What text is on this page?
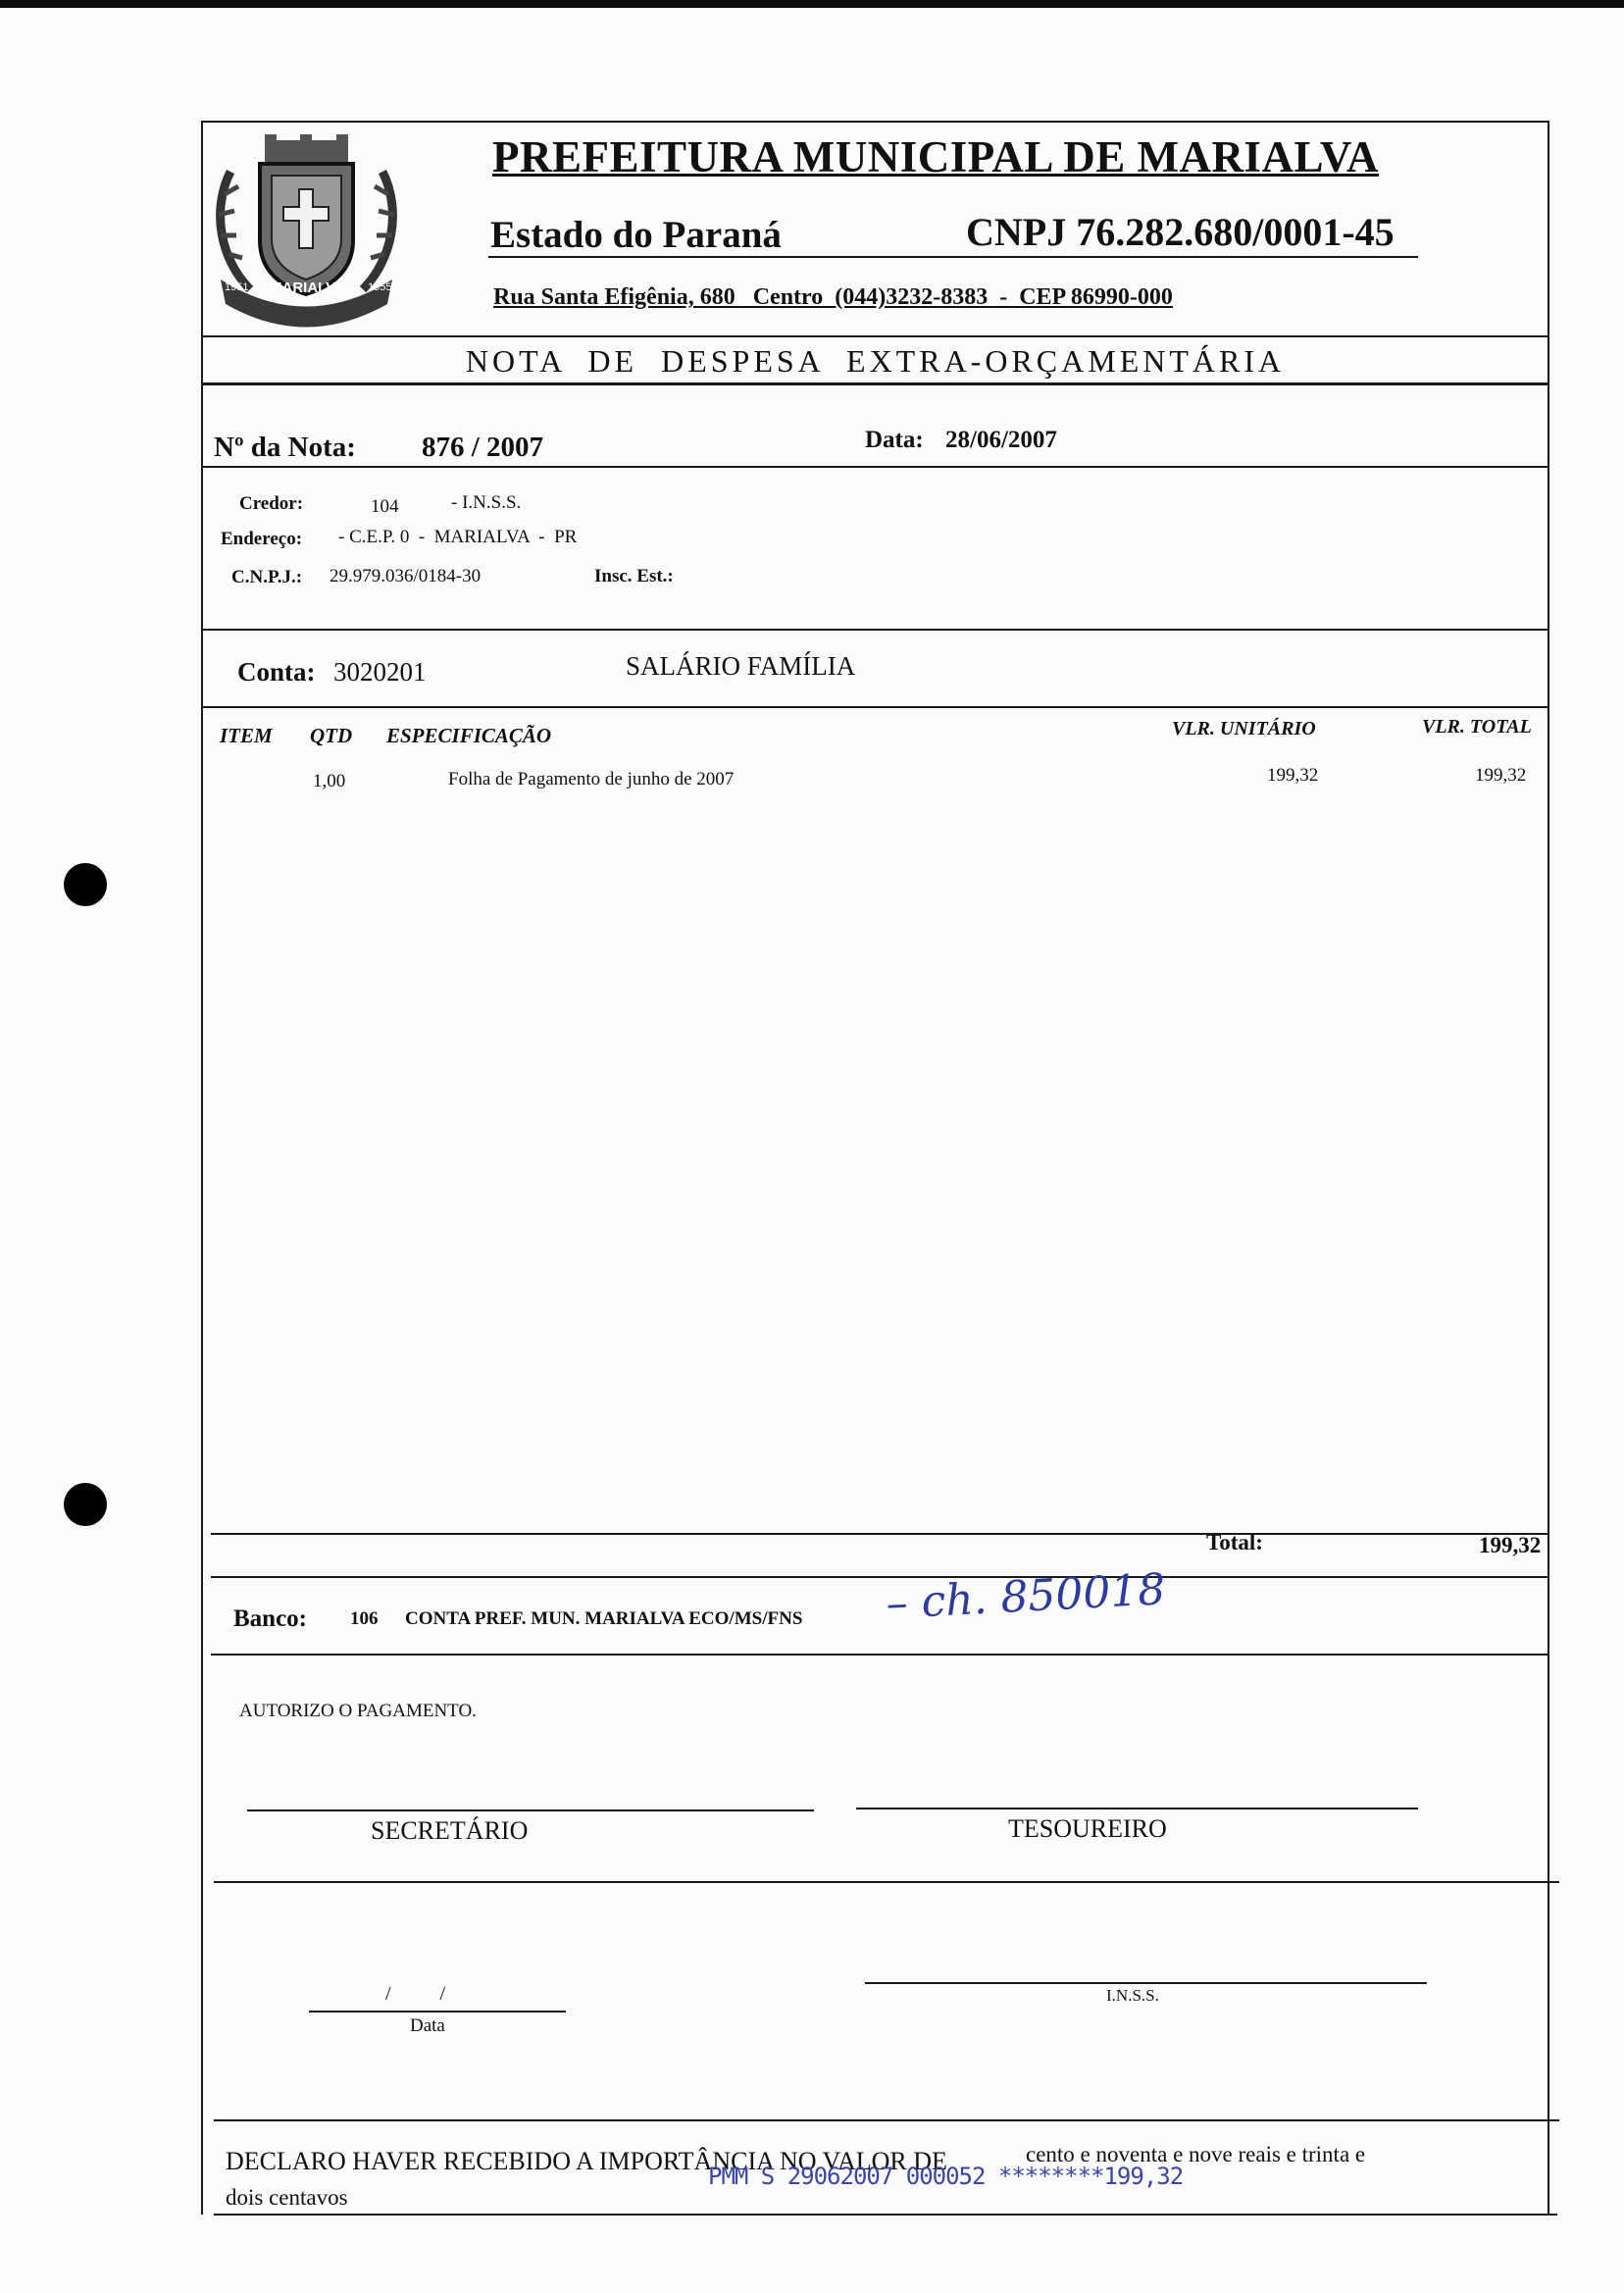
MARIALVA
1951	1955
PREFEITURA MUNICIPAL DE MARIALVA
Estado do Paraná	CNPJ 76.282.680/0001-45
Rua Santa Efigênia, 680   Centro  (044)3232-8383  -  CEP 86990-000
NOTA  DE  DESPESA  EXTRA-ORÇAMENTÁRIA
Nº da Nota: 876 / 2007	Data: 28/06/2007
Credor:	104	- I.N.S.S.
Endereço: - C.E.P. 0  -  MARIALVA  -  PR
C.N.P.J.: 29.979.036/0184-30	Insc. Est.:
Conta: 3020201	SALÁRIO FAMÍLIA
ITEM QTD ESPECIFICAÇÃO	VLR. UNITÁRIO	VLR. TOTAL
1,00	Folha de Pagamento de junho de 2007	199,32	199,32
Total:	199,32
Banco: 106 CONTA PREF. MUN. MARIALVA ECO/MS/FNS – ch. 850018
AUTORIZO O PAGAMENTO.
SECRETÁRIO	TESOUREIRO
/          /
Data
I.N.S.S.
DECLARO HAVER RECEBIDO A IMPORTÂNCIA NO VALOR DE	cento e noventa e nove reais e trinta e
dois centavos
PMM S 29062007 000052 ********199,32
